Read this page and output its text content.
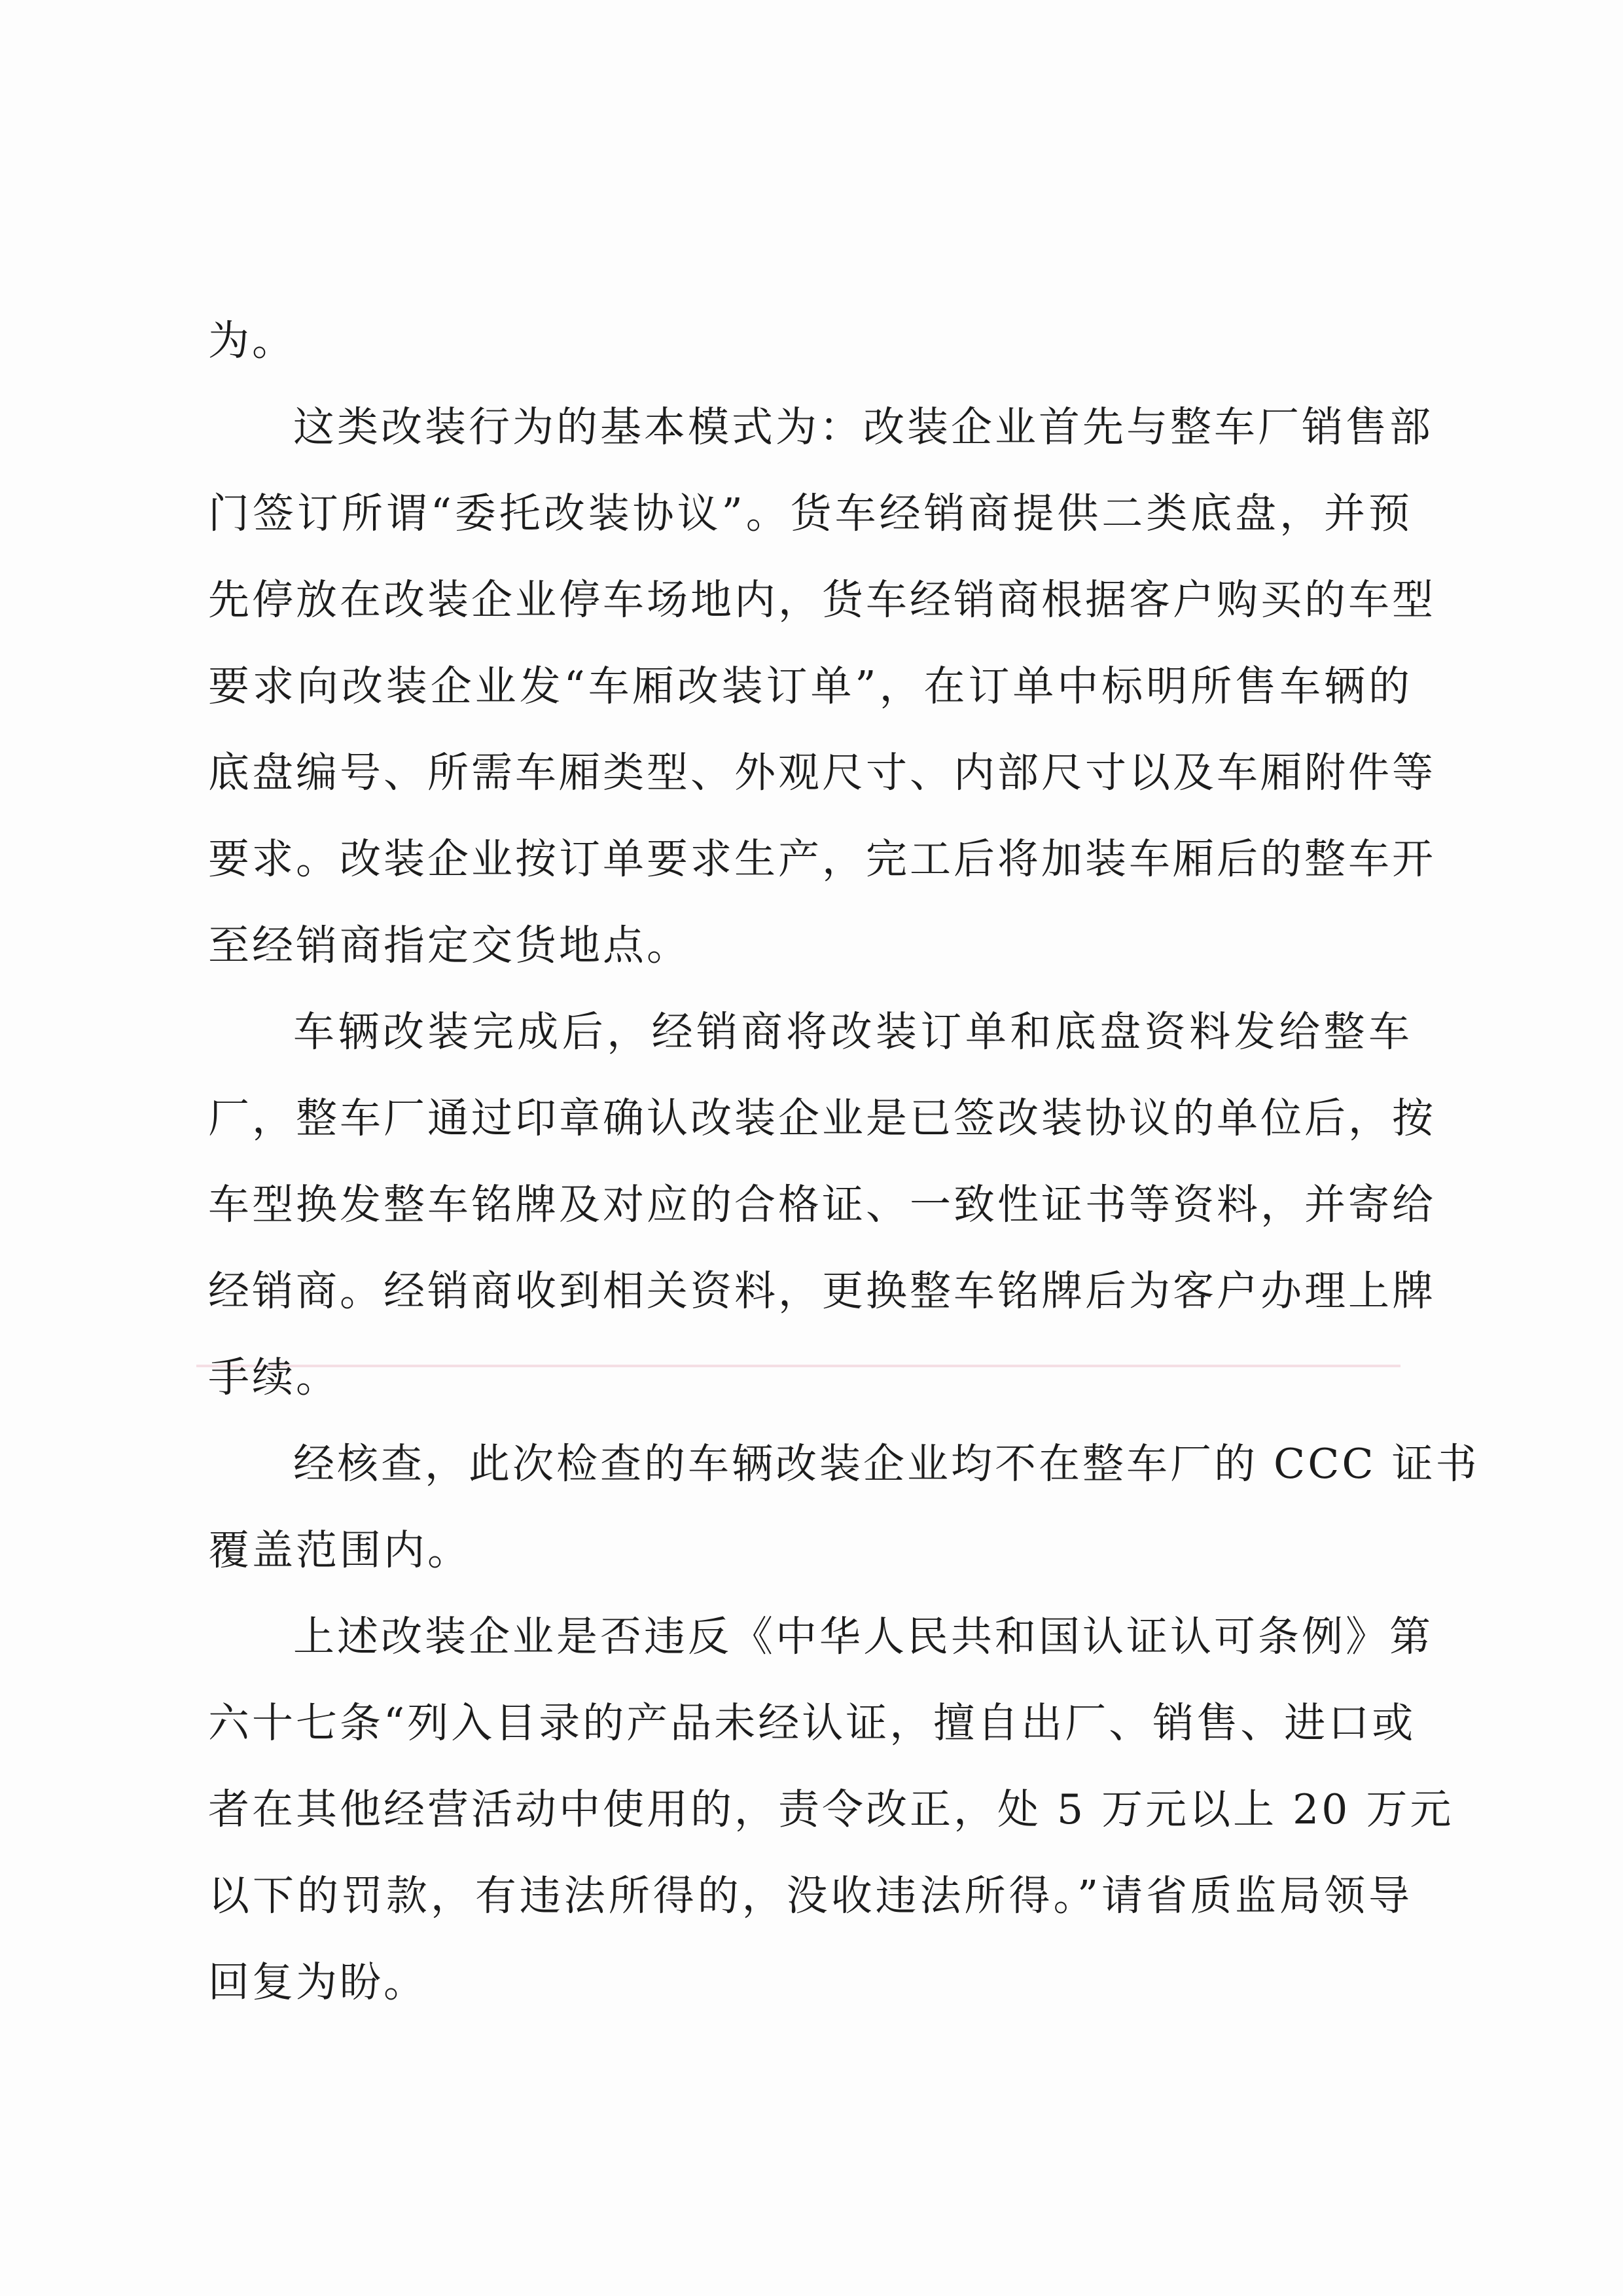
为。
这类改装行为的基本模式为：改装企业首先与整车厂销售部
门签订所谓“委托改装协议”。货车经销商提供二类底盘，并预
先停放在改装企业停车场地内，货车经销商根据客户购买的车型
要求向改装企业发“车厢改装订单”，在订单中标明所售车辆的
底盘编号、所需车厢类型、外观尺寸、内部尺寸以及车厢附件等
要求。改装企业按订单要求生产，完工后将加装车厢后的整车开
至经销商指定交货地点。
车辆改装完成后，经销商将改装订单和底盘资料发给整车
厂，整车厂通过印章确认改装企业是已签改装协议的单位后，按
车型换发整车铭牌及对应的合格证、一致性证书等资料，并寄给
经销商。经销商收到相关资料，更换整车铭牌后为客户办理上牌
手续。
经核查，此次检查的车辆改装企业均不在整车厂的 CCC 证书
覆盖范围内。
上述改装企业是否违反《中华人民共和国认证认可条例》第
六十七条“列入目录的产品未经认证，擅自出厂、销售、进口或
者在其他经营活动中使用的，责令改正，处 5 万元以上 20 万元
以下的罚款，有违法所得的，没收违法所得。”请省质监局领导
回复为盼。
